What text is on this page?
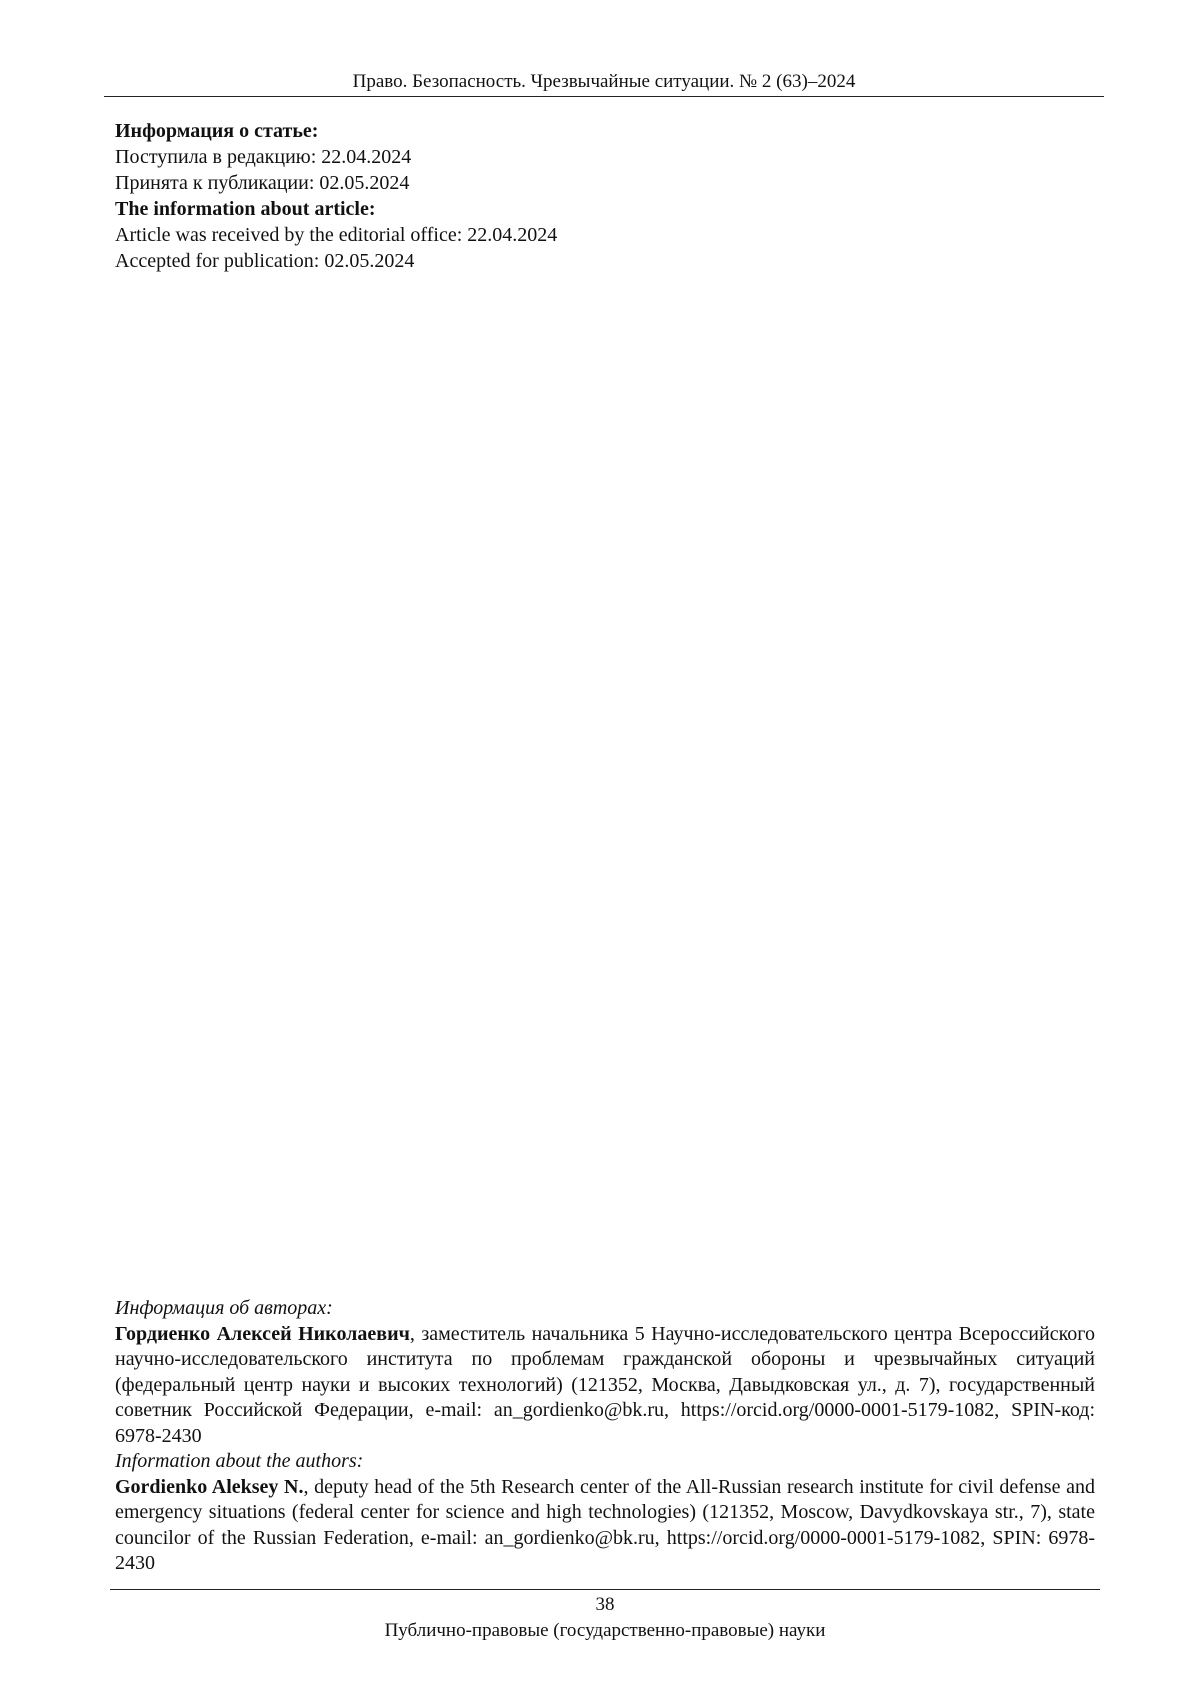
Право. Безопасность. Чрезвычайные ситуации. № 2 (63)–2024
Информация о статье:
Поступила в редакцию: 22.04.2024
Принята к публикации: 02.05.2024
The information about article:
Article was received by the editorial office: 22.04.2024
Accepted for publication: 02.05.2024
Информация об авторах:

Гордиенко Алексей Николаевич, заместитель начальника 5 Научно-исследовательского центра Всероссийского научно-исследовательского института по проблемам гражданской обороны и чрезвычайных ситуаций (федеральный центр науки и высоких технологий) (121352, Москва, Давыдковская ул., д. 7), государственный советник Российской Федерации, e-mail: an_gordienko@bk.ru, https://orcid.org/0000-0001-5179-1082, SPIN-код: 6978-2430

Information about the authors:

Gordienko Aleksey N., deputy head of the 5th Research center of the All-Russian research institute for civil defense and emergency situations (federal center for science and high technologies) (121352, Moscow, Davydkovskaya str., 7), state councilor of the Russian Federation, e-mail: an_gordienko@bk.ru, https://orcid.org/0000-0001-5179-1082, SPIN: 6978-2430

38
Публично-правовые (государственно-правовые) науки
